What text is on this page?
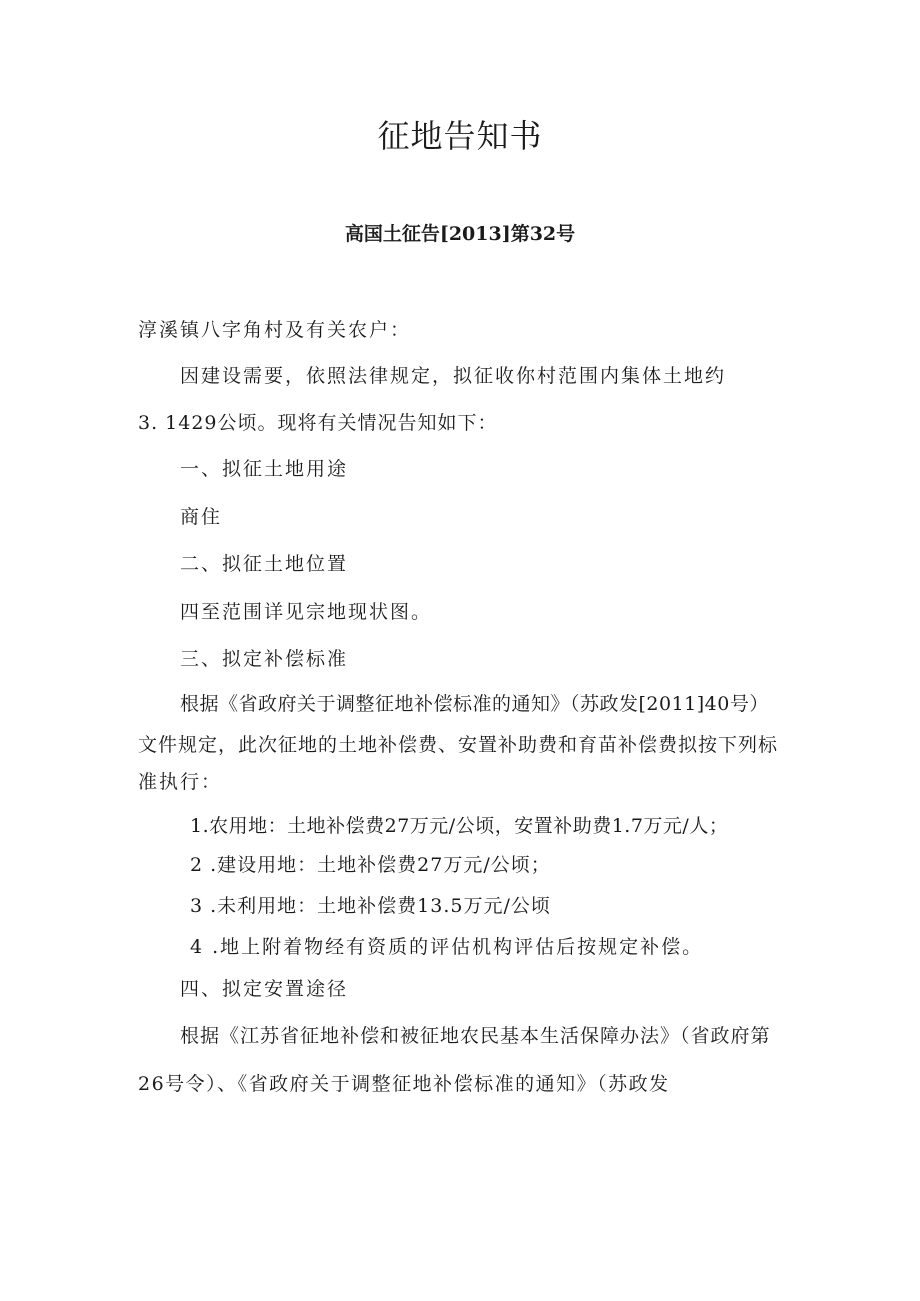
征地告知书
高国土征告[2013]第32号
淳溪镇八字角村及有关农户：
因建设需要，依照法律规定，拟征收你村范围内集体土地约
3. 1429公顷。现将有关情况告知如下：
一、拟征土地用途
商住
二、拟征土地位置
四至范围详见宗地现状图。
三、拟定补偿标准
根据《省政府关于调整征地补偿标准的通知》（苏政发[2011]40号）
文件规定，此次征地的土地补偿费、安置补助费和育苗补偿费拟按下列标
准执行：
1.农用地：土地补偿费27万元/公顷，安置补助费1.7万元/人；
2 .建设用地：土地补偿费27万元/公顷；
3 .未利用地：土地补偿费13.5万元/公顷
4 .地上附着物经有资质的评估机构评估后按规定补偿。
四、拟定安置途径
根据《江苏省征地补偿和被征地农民基本生活保障办法》（省政府第
26号令）、《省政府关于调整征地补偿标准的通知》（苏政发
